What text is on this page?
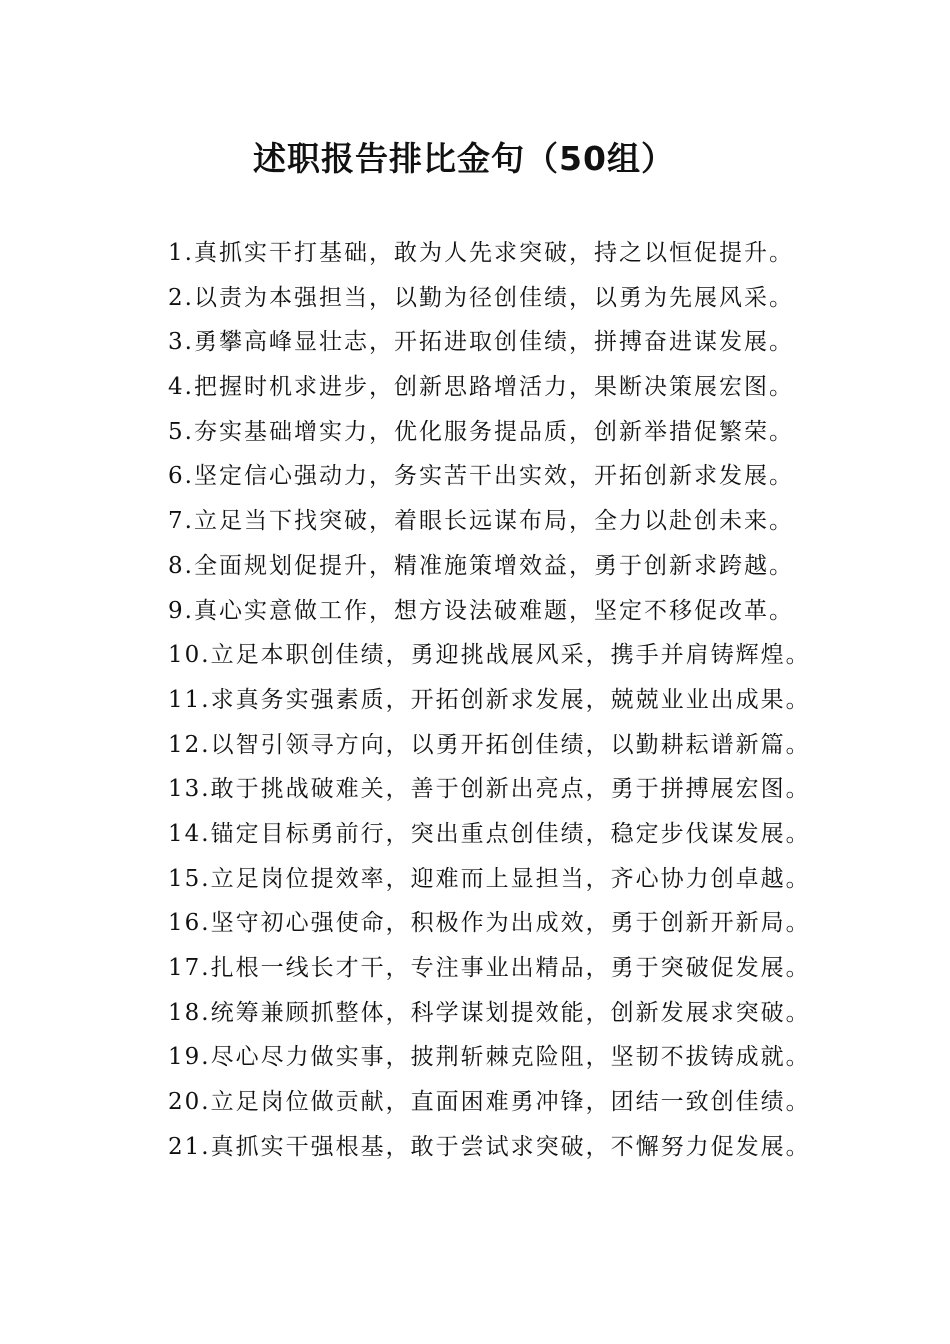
述职报告排比金句（50组）
1.真抓实干打基础，敢为人先求突破，持之以恒促提升。
2.以责为本强担当，以勤为径创佳绩，以勇为先展风采。
3.勇攀高峰显壮志，开拓进取创佳绩，拼搏奋进谋发展。
4.把握时机求进步，创新思路增活力，果断决策展宏图。
5.夯实基础增实力，优化服务提品质，创新举措促繁荣。
6.坚定信心强动力，务实苦干出实效，开拓创新求发展。
7.立足当下找突破，着眼长远谋布局，全力以赴创未来。
8.全面规划促提升，精准施策增效益，勇于创新求跨越。
9.真心实意做工作，想方设法破难题，坚定不移促改革。
10.立足本职创佳绩，勇迎挑战展风采，携手并肩铸辉煌。
11.求真务实强素质，开拓创新求发展，兢兢业业出成果。
12.以智引领寻方向，以勇开拓创佳绩，以勤耕耘谱新篇。
13.敢于挑战破难关，善于创新出亮点，勇于拼搏展宏图。
14.锚定目标勇前行，突出重点创佳绩，稳定步伐谋发展。
15.立足岗位提效率，迎难而上显担当，齐心协力创卓越。
16.坚守初心强使命，积极作为出成效，勇于创新开新局。
17.扎根一线长才干，专注事业出精品，勇于突破促发展。
18.统筹兼顾抓整体，科学谋划提效能，创新发展求突破。
19.尽心尽力做实事，披荆斩棘克险阻，坚韧不拔铸成就。
20.立足岗位做贡献，直面困难勇冲锋，团结一致创佳绩。
21.真抓实干强根基，敢于尝试求突破，不懈努力促发展。
